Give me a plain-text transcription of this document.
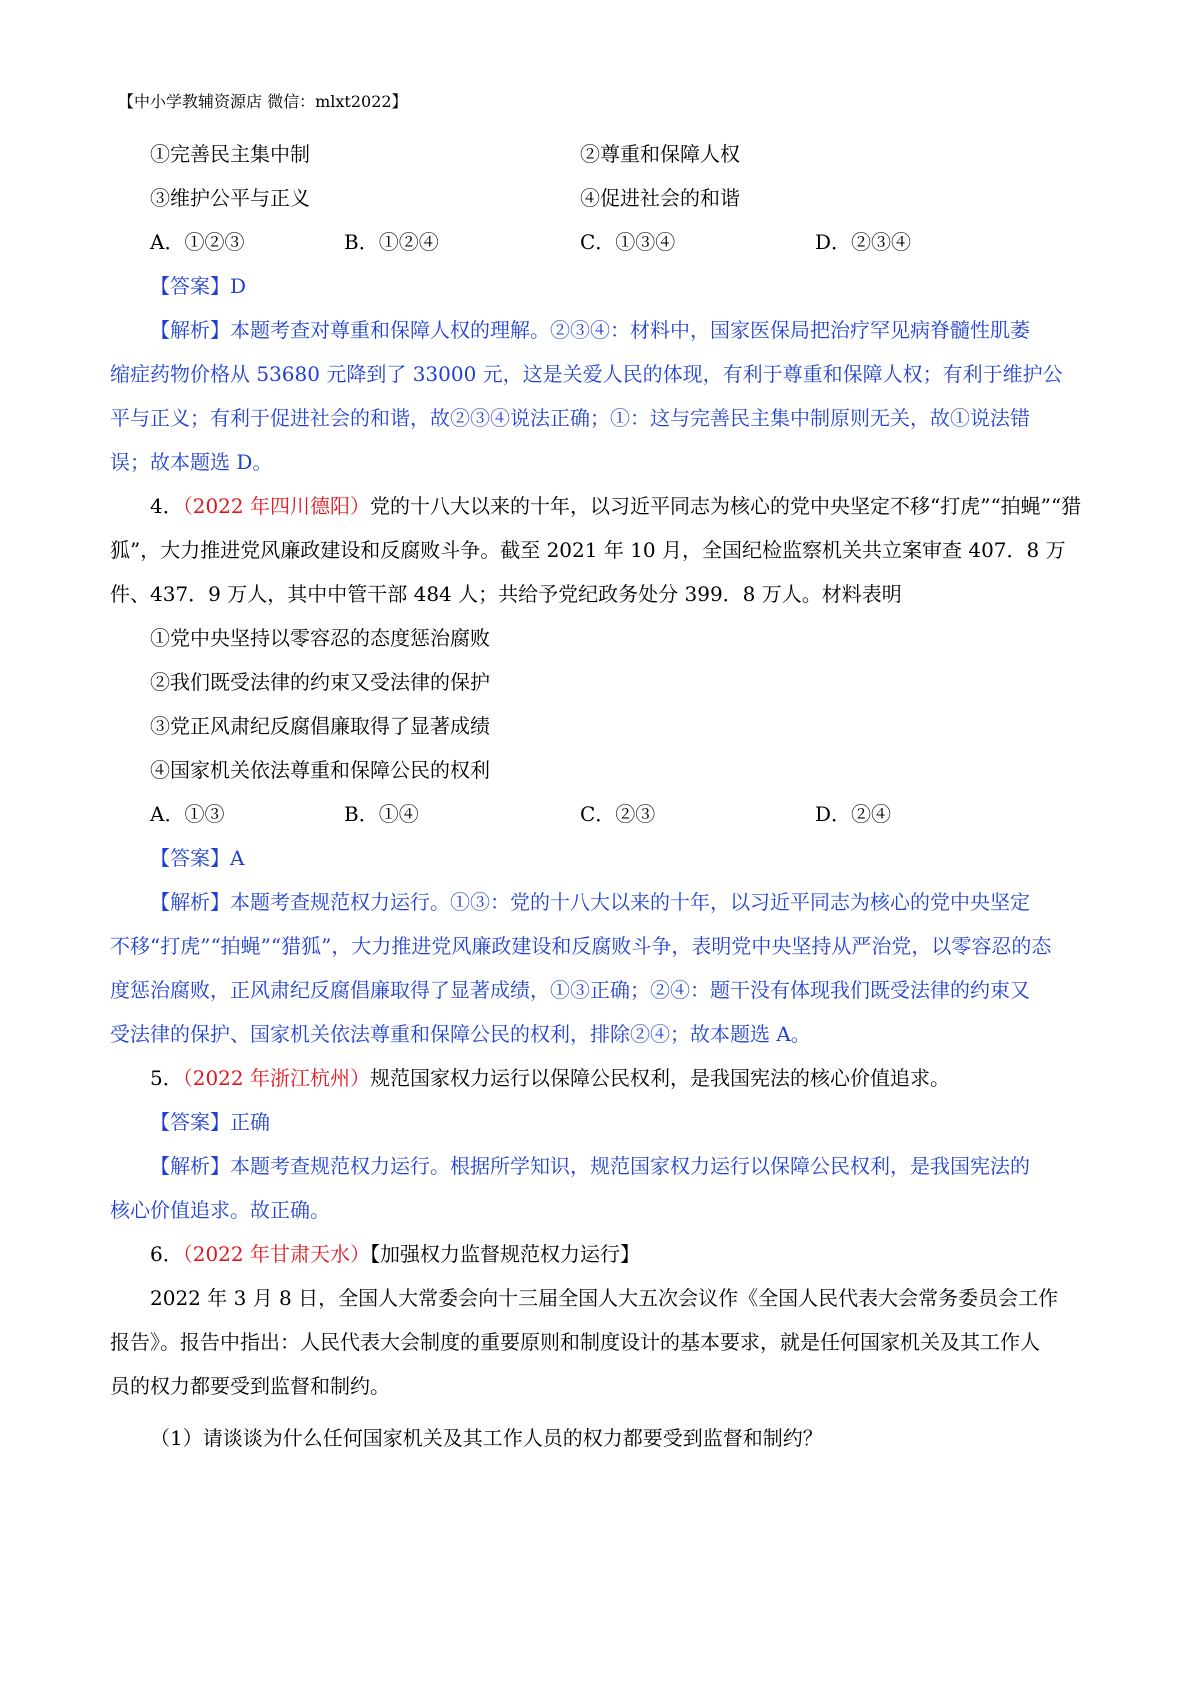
【中小学教辅资源店 微信：mlxt2022】
①完善民主集中制	②尊重和保障人权
③维护公平与正义	④促进社会的和谐
A．①②③	B．①②④	C．①③④	D．②③④
【答案】D
【解析】本题考查对尊重和保障人权的理解。②③④：材料中，国家医保局把治疗罕见病脊髓性肌萎
缩症药物价格从 53680 元降到了 33000 元，这是关爱人民的体现，有利于尊重和保障人权；有利于维护公
平与正义；有利于促进社会的和谐，故②③④说法正确；①：这与完善民主集中制原则无关，故①说法错
误；故本题选 D。
4．（2022 年四川德阳）党的十八大以来的十年，以习近平同志为核心的党中央坚定不移“打虎”“拍蝇”“猎
狐”，大力推进党风廉政建设和反腐败斗争。截至 2021 年 10 月，全国纪检监察机关共立案审查 407．8 万
件、437．9 万人，其中中管干部 484 人；共给予党纪政务处分 399．8 万人。材料表明
①党中央坚持以零容忍的态度惩治腐败
②我们既受法律的约束又受法律的保护
③党正风肃纪反腐倡廉取得了显著成绩
④国家机关依法尊重和保障公民的权利
A．①③	B．①④	C．②③	D．②④
【答案】A
【解析】本题考查规范权力运行。①③：党的十八大以来的十年，以习近平同志为核心的党中央坚定
不移“打虎”“拍蝇”“猎狐”，大力推进党风廉政建设和反腐败斗争，表明党中央坚持从严治党，以零容忍的态
度惩治腐败，正风肃纪反腐倡廉取得了显著成绩，①③正确；②④：题干没有体现我们既受法律的约束又
受法律的保护、国家机关依法尊重和保障公民的权利，排除②④；故本题选 A。
5．（2022 年浙江杭州）规范国家权力运行以保障公民权利，是我国宪法的核心价值追求。
【答案】正确
【解析】本题考查规范权力运行。根据所学知识，规范国家权力运行以保障公民权利，是我国宪法的
核心价值追求。故正确。
6．（2022 年甘肃天水）【加强权力监督规范权力运行】
2022 年 3 月 8 日，全国人大常委会向十三届全国人大五次会议作《全国人民代表大会常务委员会工作
报告》。报告中指出：人民代表大会制度的重要原则和制度设计的基本要求，就是任何国家机关及其工作人
员的权力都要受到监督和制约。
（1）请谈谈为什么任何国家机关及其工作人员的权力都要受到监督和制约？
